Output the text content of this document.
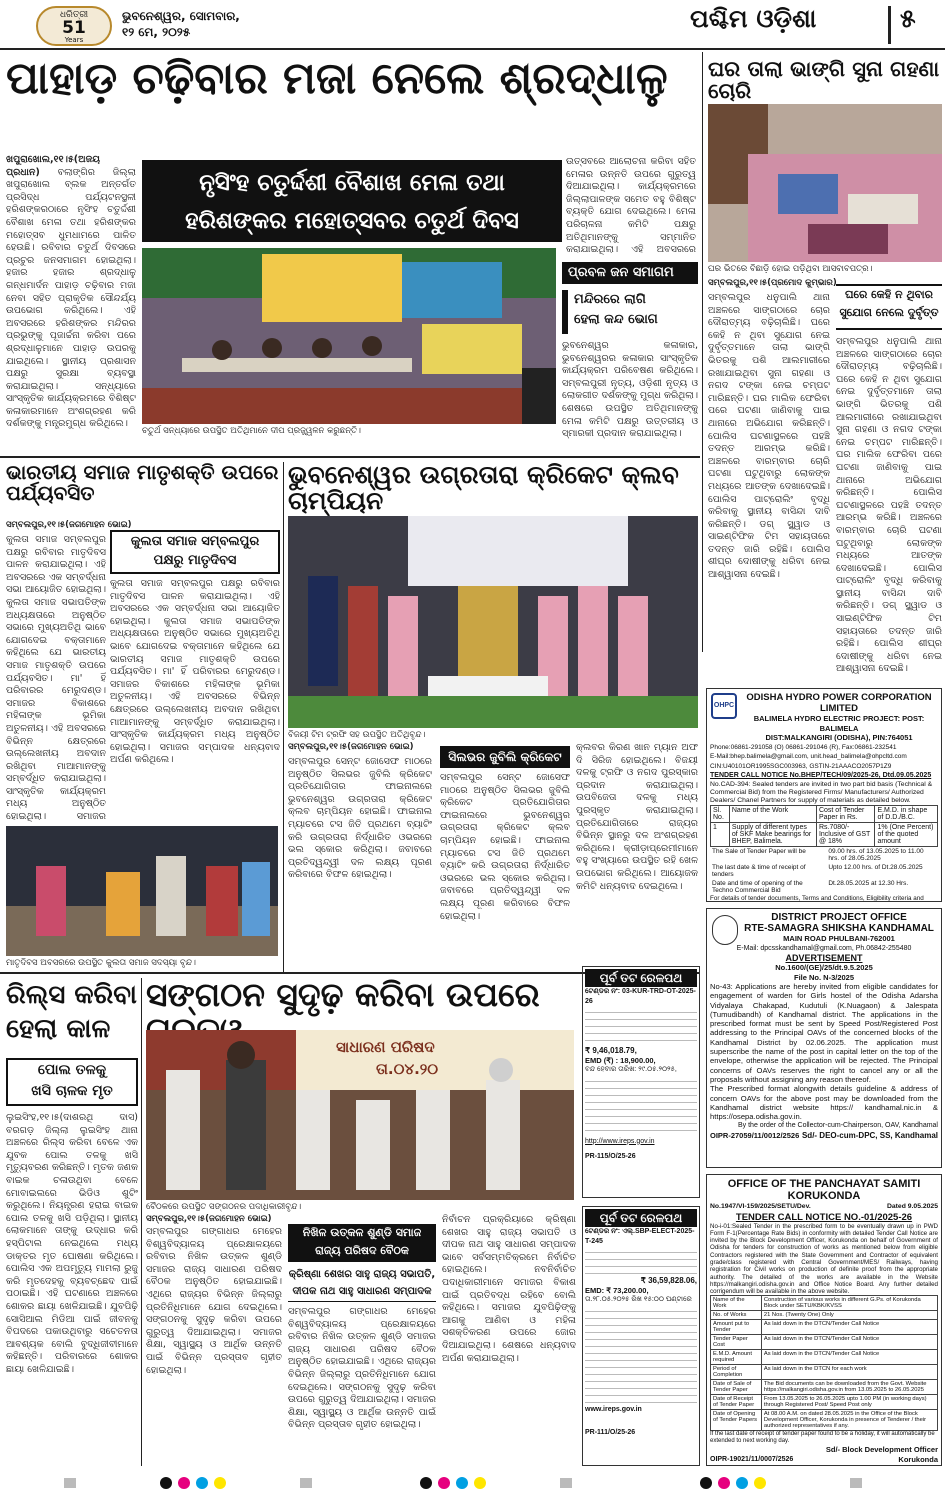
ଧରିତ୍ରୀ
51
Years
ଭୁବନେଶ୍ୱର, ସୋମବାର,
୧୨ ମେ, ୨୦୨୫	ପଶ୍ଚିମ ଓଡ଼ିଶା	୫
ପାହାଡ଼ ଚଢ଼ିବାର ମଜା ନେଲେ ଶ୍ରଦ୍ଧାଳୁ
ଖପୁରାଖୋଲ,୧୧।୫(ଅଜୟ ପ୍ରଧାନ) ବଲାଙ୍ଗିର ଜିଲ୍ଲା ଖପୁରାଖୋଲ ବ୍ଲକ ଅନ୍ତର୍ଗତ ପ୍ରସିଦ୍ଧ ପର୍ଯ୍ୟଟନସ୍ଥଳୀ ହରିଶଙ୍କରଠାରେ ନୃସିଂହ ଚତୁର୍ଦ୍ଦଶୀ ବୈଶାଖ ମେଳା ତଥା ହରିଶଙ୍କର ମହୋତ୍ସବ ଧୁମଧାମରେ ପାଳିତ ହେଉଛି। ରବିବାର ଚତୁର୍ଥ ଦିବସରେ ପ୍ରଚୁର ଜନସମାଗମ ହୋଇଥିଲା। ହଜାର ହଜାର ଶ୍ରଦ୍ଧାଳୁ ଗନ୍ଧମାର୍ଦନ ପାହାଡ଼ ଚଢ଼ିବାର ମଜା ନେବା ସହିତ ପ୍ରାକୃତିକ ସୌନ୍ଦର୍ଯ୍ୟ ଉପଭୋଗ କରିଥିଲେ। ଏହି ଅବସରରେ ହରିଶଙ୍କର ମନ୍ଦିରର ପ୍ରଭୁଙ୍କୁ ପୂଜାର୍ଚ୍ଚନା କରିବା ପରେ ଶ୍ରଦ୍ଧାଳୁମାନେ ପାହାଡ଼ ଉପରକୁ ଯାଇଥିଲେ। ସ୍ଥାନୀୟ ପ୍ରଶାସନ ପକ୍ଷରୁ ସୁରକ୍ଷା ବ୍ୟବସ୍ଥା କରାଯାଇଥିଲା। ସନ୍ଧ୍ୟାରେ ସାଂସ୍କୃତିକ କାର୍ଯ୍ୟକ୍ରମରେ ବିଶିଷ୍ଟ କଳାକାରମାନେ ଅଂଶଗ୍ରହଣ କରି ଦର୍ଶକଙ୍କୁ ମନ୍ତ୍ରମୁଗ୍ଧ କରିଥିଲେ।
ନୃସିଂହ ଚତୁର୍ଦ୍ଦଶୀ ବୈଶାଖ ମେଳା ତଥା
ହରିଶଙ୍କର ମହୋତ୍ସବର ଚତୁର୍ଥ ଦିବସ
ଉତ୍ସବରେ ଆଲୋଚନା କରିବା ସହିତ ମେଳାର ଉନ୍ନତି ଉପରେ ଗୁରୁତ୍ୱ ଦିଆଯାଇଥିଲା। କାର୍ଯ୍ୟକ୍ରମରେ ଜିଲ୍ଲାପାଳଙ୍କ ସମେତ ବହୁ ବିଶିଷ୍ଟ ବ୍ୟକ୍ତି ଯୋଗ ଦେଇଥିଲେ। ମେଳା ପରିଚାଳନା କମିଟି ପକ୍ଷରୁ ଅତିଥିମାନଙ୍କୁ ସମ୍ମାନିତ କରାଯାଇଥିଲା। ଏହି ଅବସରରେ
ଚତୁର୍ଥ ସନ୍ଧ୍ୟାରେ ଉପସ୍ଥିତ ଅତିଥିମାନେ ଦୀପ ପ୍ରଜ୍ଜ୍ୱଳନ କରୁଛନ୍ତି।
ପ୍ରବଳ ଜନ ସମାଗମ
ମନ୍ଦିରରେ ଲାଗି
ହେଲା କନ୍ଦ ଭୋଗ
ଭୁବନେଶ୍ୱର କଳାକାର, ଭୁବନେଶ୍ୱରର କଳାକାର ସାଂସ୍କୃତିକ କାର୍ଯ୍ୟକ୍ରମ ପରିବେଷଣ କରିଥିଲେ। ସମ୍ବଲପୁରୀ ନୃତ୍ୟ, ଓଡ଼ିଶୀ ନୃତ୍ୟ ଓ ଲୋକଗୀତ ଦର୍ଶକଙ୍କୁ ମୁଗ୍ଧ କରିଥିଲା। ଶେଷରେ ଉପସ୍ଥିତ ଅତିଥିମାନଙ୍କୁ ମେଳା କମିଟି ପକ୍ଷରୁ ଉତ୍ତରୀୟ ଓ ସ୍ମାରକୀ ପ୍ରଦାନ କରାଯାଇଥିଲା।
ଘର ତାଲା ଭାଙ୍ଗି ସୁନା ଗହଣା ଚୋରି
ଘର ଭିତରେ ବିଛାଡ଼ି ହୋଇ ପଡ଼ିଥିବା ଆସବାବପତ୍ର।
ସମ୍ବଲପୁର,୧୧।୫(ପ୍ରମୋଦ କୁମ୍ଭାର)
ଘରେ କେହି ନ ଥିବାର
ସୁଯୋଗ ନେଲେ ଦୁର୍ବୃତ୍ତ
ସମ୍ବଲପୁର ଧନୁପାଲି ଥାନା ଅଞ୍ଚଳରେ ସାଙ୍ଗଠାରେ ଚୋର ଦୌରାତ୍ମ୍ୟ ବଢ଼ିଚାଲିଛି। ଘରେ କେହି ନ ଥିବା ସୁଯୋଗ ନେଇ ଦୁର୍ବୃତ୍ତମାନେ ତାଲା ଭାଙ୍ଗି ଭିତରକୁ ପଶି ଆଲମାରୀରେ ରଖାଯାଇଥିବା ସୁନା ଗହଣା ଓ ନଗଦ ଟଙ୍କା ନେଇ ଚମ୍ପଟ ମାରିଛନ୍ତି। ଘର ମାଲିକ ଫେରିବା ପରେ ଘଟଣା ଜାଣିବାକୁ ପାଇ ଥାନାରେ ଅଭିଯୋଗ କରିଛନ୍ତି। ପୋଲିସ ଘଟଣାସ୍ଥଳରେ ପହଞ୍ଚି ତଦନ୍ତ ଆରମ୍ଭ କରିଛି। ଅଞ୍ଚଳରେ ବାରମ୍ବାର ଚୋରି ଘଟଣା ଘଟୁଥିବାରୁ ଲୋକଙ୍କ ମଧ୍ୟରେ ଆତଙ୍କ ଦେଖାଦେଇଛି। ପୋଲିସ ପାଟ୍ରୋଲିଂ ବୃଦ୍ଧି କରିବାକୁ ସ୍ଥାନୀୟ ବାସିନ୍ଦା ଦାବି କରିଛନ୍ତି। ଡଗ୍ ସ୍କ୍ୱାଡ ଓ ସାଇଣ୍ଟିଫିକ ଟିମ ସହାୟତାରେ ତଦନ୍ତ ଜାରି ରହିଛି। ପୋଲିସ ଶୀଘ୍ର ଦୋଷୀଙ୍କୁ ଧରିବା ନେଇ ଆଶ୍ୱାସନା ଦେଇଛି।
ସମ୍ବଲପୁର ଧନୁପାଲି ଥାନା ଅଞ୍ଚଳରେ ସାଙ୍ଗଠାରେ ଚୋର ଦୌରାତ୍ମ୍ୟ ବଢ଼ିଚାଲିଛି। ଘରେ କେହି ନ ଥିବା ସୁଯୋଗ ନେଇ ଦୁର୍ବୃତ୍ତମାନେ ତାଲା ଭାଙ୍ଗି ଭିତରକୁ ପଶି ଆଲମାରୀରେ ରଖାଯାଇଥିବା ସୁନା ଗହଣା ଓ ନଗଦ ଟଙ୍କା ନେଇ ଚମ୍ପଟ ମାରିଛନ୍ତି। ଘର ମାଲିକ ଫେରିବା ପରେ ଘଟଣା ଜାଣିବାକୁ ପାଇ ଥାନାରେ ଅଭିଯୋଗ କରିଛନ୍ତି। ପୋଲିସ ଘଟଣାସ୍ଥଳରେ ପହଞ୍ଚି ତଦନ୍ତ ଆରମ୍ଭ କରିଛି। ଅଞ୍ଚଳରେ ବାରମ୍ବାର ଚୋରି ଘଟଣା ଘଟୁଥିବାରୁ ଲୋକଙ୍କ ମଧ୍ୟରେ ଆତଙ୍କ ଦେଖାଦେଇଛି। ପୋଲିସ ପାଟ୍ରୋଲିଂ ବୃଦ୍ଧି କରିବାକୁ ସ୍ଥାନୀୟ ବାସିନ୍ଦା ଦାବି କରିଛନ୍ତି। ଡଗ୍ ସ୍କ୍ୱାଡ ଓ ସାଇଣ୍ଟିଫିକ ଟିମ ସହାୟତାରେ ତଦନ୍ତ ଜାରି ରହିଛି। ପୋଲିସ ଶୀଘ୍ର ଦୋଷୀଙ୍କୁ ଧରିବା ନେଇ ଆଶ୍ୱାସନା ଦେଇଛି।
ଭାରତୀୟ ସମାଜ ମାତୃଶକ୍ତି ଉପରେ ପର୍ଯ୍ୟବସିତ
ସମ୍ବଲପୁର,୧୧।୫(ଜଗମୋହନ ଭୋଇ)
କୁଲତା ସମାଜ ସମ୍ବଲପୁର
ପକ୍ଷରୁ ମାତୃଦିବସ
କୁଲତା ସମାଜ ସମ୍ବଲପୁର ପକ୍ଷରୁ ରବିବାର ମାତୃଦିବସ ପାଳନ କରାଯାଇଥିଲା। ଏହି ଅବସରରେ ଏକ ସମ୍ବର୍ଦ୍ଧନା ସଭା ଆୟୋଜିତ ହୋଇଥିଲା। କୁଲତା ସମାଜ ସଭାପତିଙ୍କ ଅଧ୍ୟକ୍ଷତାରେ ଅନୁଷ୍ଠିତ ସଭାରେ ମୁଖ୍ୟଅତିଥି ଭାବେ ଯୋଗଦେଇ ବକ୍ତାମାନେ କହିଥିଲେ ଯେ ଭାରତୀୟ ସମାଜ ମାତୃଶକ୍ତି ଉପରେ ପର୍ଯ୍ୟବସିତ। ମା' ହିଁ ପରିବାରର ମେରୁଦଣ୍ଡ। ସମାଜର ବିକାଶରେ ମହିଳାଙ୍କ ଭୂମିକା ଅତୁଳନୀୟ। ଏହି ଅବସରରେ ବିଭିନ୍ନ କ୍ଷେତ୍ରରେ ଉଲ୍ଲେଖନୀୟ ଅବଦାନ ରଖିଥିବା ମାଆମାନଙ୍କୁ ସମ୍ବର୍ଦ୍ଧିତ କରାଯାଇଥିଲା। ସାଂସ୍କୃତିକ କାର୍ଯ୍ୟକ୍ରମ ମଧ୍ୟ ଅନୁଷ୍ଠିତ ହୋଇଥିଲା। ସମାଜର
କୁଲତା ସମାଜ ସମ୍ବଲପୁର ପକ୍ଷରୁ ରବିବାର ମାତୃଦିବସ ପାଳନ କରାଯାଇଥିଲା। ଏହି ଅବସରରେ ଏକ ସମ୍ବର୍ଦ୍ଧନା ସଭା ଆୟୋଜିତ ହୋଇଥିଲା। କୁଲତା ସମାଜ ସଭାପତିଙ୍କ ଅଧ୍ୟକ୍ଷତାରେ ଅନୁଷ୍ଠିତ ସଭାରେ ମୁଖ୍ୟଅତିଥି ଭାବେ ଯୋଗଦେଇ ବକ୍ତାମାନେ କହିଥିଲେ ଯେ ଭାରତୀୟ ସମାଜ ମାତୃଶକ୍ତି ଉପରେ ପର୍ଯ୍ୟବସିତ। ମା' ହିଁ ପରିବାରର ମେରୁଦଣ୍ଡ। ସମାଜର ବିକାଶରେ ମହିଳାଙ୍କ ଭୂମିକା ଅତୁଳନୀୟ। ଏହି ଅବସରରେ ବିଭିନ୍ନ କ୍ଷେତ୍ରରେ ଉଲ୍ଲେଖନୀୟ ଅବଦାନ ରଖିଥିବା ମାଆମାନଙ୍କୁ ସମ୍ବର୍ଦ୍ଧିତ କରାଯାଇଥିଲା। ସାଂସ୍କୃତିକ କାର୍ଯ୍ୟକ୍ରମ ମଧ୍ୟ ଅନୁଷ୍ଠିତ ହୋଇଥିଲା। ସମାଜର ସମ୍ପାଦକ ଧନ୍ୟବାଦ ଅର୍ପଣ କରିଥିଲେ।
ମାତୃଦିବସ ଅବସରରେ ଉପସ୍ଥିତ କୁଲତା ସମାଜ ସଦସ୍ୟା ବୃନ୍ଦ।
ଭୁବନେଶ୍ୱର ଉଗ୍ରତାରା କ୍ରିକେଟ କ୍ଲବ ଚାମ୍ପିୟନ
ବିଜୟୀ ଟିମ ଟ୍ରଫି ସହ ଉପସ୍ଥିତ ଅତିଥିବୃନ୍ଦ।
ସମ୍ବଲପୁର,୧୧।୫(ଜଗମୋହନ ଭୋଇ)
ସିଲଭର ଜୁବିଲି କ୍ରିକେଟ
ସମ୍ବଲପୁର ସେନ୍ଟ ଜୋସେଫ ମାଠରେ ଅନୁଷ୍ଠିତ ସିଲଭର ଜୁବିଲି କ୍ରିକେଟ ପ୍ରତିଯୋଗିତାର ଫାଇନାଲରେ ଭୁବନେଶ୍ୱର ଉଗ୍ରତାରା କ୍ରିକେଟ କ୍ଲବ ଚାମ୍ପିୟନ ହୋଇଛି। ଫାଇନାଲ ମ୍ୟାଚରେ ଟସ ଜିତି ପ୍ରଥମେ ବ୍ୟାଟିଂ କରି ଉଗ୍ରତାରା ନିର୍ଦ୍ଧାରିତ ଓଭରରେ ଭଲ ସ୍କୋର କରିଥିଲା। ଜବାବରେ ପ୍ରତିଦ୍ୱନ୍ଦ୍ୱୀ ଦଳ ଲକ୍ଷ୍ୟ ପୂରଣ କରିବାରେ ବିଫଳ ହୋଇଥିଲା।
ସମ୍ବଲପୁର ସେନ୍ଟ ଜୋସେଫ ମାଠରେ ଅନୁଷ୍ଠିତ ସିଲଭର ଜୁବିଲି କ୍ରିକେଟ ପ୍ରତିଯୋଗିତାର ଫାଇନାଲରେ ଭୁବନେଶ୍ୱର ଉଗ୍ରତାରା କ୍ରିକେଟ କ୍ଲବ ଚାମ୍ପିୟନ ହୋଇଛି। ଫାଇନାଲ ମ୍ୟାଚରେ ଟସ ଜିତି ପ୍ରଥମେ ବ୍ୟାଟିଂ କରି ଉଗ୍ରତାରା ନିର୍ଦ୍ଧାରିତ ଓଭରରେ ଭଲ ସ୍କୋର କରିଥିଲା। ଜବାବରେ ପ୍ରତିଦ୍ୱନ୍ଦ୍ୱୀ ଦଳ ଲକ୍ଷ୍ୟ ପୂରଣ କରିବାରେ ବିଫଳ ହୋଇଥିଲା।
କ୍ଲବର କିରଣ ଖାନ ମ୍ୟାନ ଅଫ ଦି ସିରିଜ ହୋଇଥିଲେ। ବିଜୟୀ ଦଳକୁ ଟ୍ରଫି ଓ ନଗଦ ପୁରସ୍କାର ପ୍ରଦାନ କରାଯାଇଥିଲା। ଉପବିଜେତା ଦଳକୁ ମଧ୍ୟ ପୁରସ୍କୃତ କରାଯାଇଥିଲା। ପ୍ରତିଯୋଗିତାରେ ରାଜ୍ୟର ବିଭିନ୍ନ ସ୍ଥାନରୁ ଦଳ ଅଂଶଗ୍ରହଣ କରିଥିଲେ। କ୍ରୀଡ଼ାପ୍ରେମୀମାନେ ବହୁ ସଂଖ୍ୟାରେ ଉପସ୍ଥିତ ରହି ଖେଳ ଉପଭୋଗ କରିଥିଲେ। ଆୟୋଜକ କମିଟି ଧନ୍ୟବାଦ ଦେଇଥିଲେ।
ODISHA HYDRO POWER CORPORATION LIMITED
OHPC
BALIMELA HYDRO ELECTRIC PROJECT: POST: BALIMELA
DIST:MALKANGIRI (ODISHA), PIN:764051
Phone:06861-291058 (O) 06861-291046 (R), Fax:06861-232541
E-Mail:bhep.balimela@gmail.com, unit.head_balimela@ohpcltd.com
CIN:U40101OR1995SGC003963, GSTIN-21AAACO2057P1Z9
TENDER CALL NOTICE No.BHEP/TECH/09/2025-26, Dtd.09.05.2025
No.CAD-394: Sealed tenders are invited in two part bid basis (Technical & Commercial Bid) from the Registered Firms/ Manufacturers/ Authorized Dealers/ Chanel Partners for supply of materials as detailed below.
Sl. No.	Name of the Work	Cost of Tender Paper in Rs.	E.M.D. in shape of D.D./B.C.
1	Supply of different types of SKF Make bearings for BHEP, Balimela.	Rs.7080/- Inclusive of GST @ 18%	1% (One Percent) of the quoted amount
The Sale of Tender Paper will be	09.00 hrs. of 13.05.2025 to 11.00 hrs. of 28.05.2025
The last date & time of receipt of tenders	Upto 12.00 hrs. of Dt.28.05.2025
Date and time of opening of the Techno Commercial Bid	Dt.28.05.2025 at 12.30 Hrs.
For details of tender documents, Terms and Conditions, Eligibility criteria and
DISTRICT PROJECT OFFICE
RTE-SAMAGRA SHIKSHA KANDHAMAL
MAIN ROAD PHULBANI-762001
E-Mail: dpcsskandhamal@gmail.com, Ph.06842-255480
ADVERTISEMENT
No.1600/(GE)/25/dt.9.5.2025
File No. N-3/2025
No-43: Applications are hereby invited from eligible candidates for engagement of warden for Girls hostel of the Odisha Adarsha Vidyalaya Chakapad, Kudutuli (K.Nuagaon) & Jalespata (Tumudibandh) of Kandhamal district. The applications in the prescribed format must be sent by Speed Post/Registered Post addressing to the Principal OAVs of the concerned blocks of the Kandhamal District by 02.06.2025. The application must superscribe the name of the post in capital letter on the top of the envelope, otherwise the application will be rejected. The Principal concerns of OAVs reserves the right to cancel any or all the proposals without assigning any reason thereof.
The Prescribed format alongwith details guideline & address of concern OAVs for the above post may be downloaded from the Kandhamal district website https:// kandhamal.nic.in & https://osepa.odisha.gov.in.
By the order of the Collector-cum-Chairperson, OAV, Kandhamal
Sd/- DEO-cum-DPC, SS, Kandhamal
OIPR-27059/11/0012/2526
ରିଲ୍ସ କରିବା
ହେଲା କାଳ
ପୋଲ ତଳକୁ
ଖସି ଚାଳକ ମୃତ
ଲୁଇସିଂହ,୧୧।୫(ଦାଶରଥି ଦାସ) ବରଗଡ଼ ଜିଲ୍ଲା ଲୁଇସିଂହ ଥାନା ଅଞ୍ଚଳରେ ରିଲ୍ସ କରିବା ବେଳେ ଏକ ଯୁବକ ପୋଲ ତଳକୁ ଖସି ମୃତ୍ୟୁବରଣ କରିଛନ୍ତି। ମୃତକ ଜଣକ ବାଇକ ଚଳାଉଥିବା ବେଳେ ମୋବାଇଲରେ ଭିଡିଓ ଶୁଟିଂ କରୁଥିଲେ। ନିୟନ୍ତ୍ରଣ ହରାଇ ବାଇକ ପୋଲ ତଳକୁ ଖସି ପଡ଼ିଥିଲା। ସ୍ଥାନୀୟ ଲୋକମାନେ ତାଙ୍କୁ ଉଦ୍ଧାର କରି ହସ୍ପିଟାଲ ନେଇଥିଲେ ମଧ୍ୟ ଡାକ୍ତର ମୃତ ଘୋଷଣା କରିଥିଲେ। ପୋଲିସ ଏକ ଅପମୃତ୍ୟୁ ମାମଲା ରୁଜୁ କରି ମୃତଦେହକୁ ବ୍ୟବଚ୍ଛେଦ ପାଇଁ ପଠାଇଛି। ଏହି ଘଟଣାରେ ଅଞ୍ଚଳରେ ଶୋକର ଛାୟା ଖେଳିଯାଇଛି। ଯୁବପିଢ଼ି ସୋସିଆଲ ମିଡିଆ ପାଇଁ ଜୀବନକୁ ବିପଦରେ ପକାଉଥିବାରୁ ସଚେତନତା ଆବଶ୍ୟକ ବୋଲି ବୁଦ୍ଧିଜୀବୀମାନେ କହିଛନ୍ତି। ପରିବାରରେ ଶୋକର ଛାୟା ଖେଳିଯାଇଛି।
ସଙ୍ଗଠନ ସୁଦୃଢ଼ କରିବା ଉପରେ
ସାଧାରଣ ପରିଷଦ
ତା.୦୪.୨୦
ବୈଠକରେ ଉପସ୍ଥିତ ସଙ୍ଗଠନର ପଦାଧିକାରୀବୃନ୍ଦ।
ସମ୍ବଲପୁର,୧୧।୫(ଜଗମୋହନ ଭୋଇ)
ନିଖିଳ ଉତ୍କଳ ଶୁଣ୍ଡି ସମାଜ
ରାଜ୍ୟ ପରିଷଦ ବୈଠକ
କ୍ରିଷ୍ଣା ଶେଖର ସାହୁ ରାଜ୍ୟ ସଭାପତି,
ଦୀପକ ନାଥ ସାହୁ ସାଧାରଣ ସମ୍ପାଦକ
ସମ୍ବଲପୁର ଗଙ୍ଗାଧର ମେହେର ବିଶ୍ୱବିଦ୍ୟାଳୟ ପ୍ରେକ୍ଷାଳୟରେ ରବିବାର ନିଖିଳ ଉତ୍କଳ ଶୁଣ୍ଡି ସମାଜର ରାଜ୍ୟ ସାଧାରଣ ପରିଷଦ ବୈଠକ ଅନୁଷ୍ଠିତ ହୋଇଯାଇଛି। ଏଥିରେ ରାଜ୍ୟର ବିଭିନ୍ନ ଜିଲ୍ଲାରୁ ପ୍ରତିନିଧିମାନେ ଯୋଗ ଦେଇଥିଲେ। ସଙ୍ଗଠନକୁ ସୁଦୃଢ଼ କରିବା ଉପରେ ଗୁରୁତ୍ୱ ଦିଆଯାଇଥିଲା। ସମାଜର ଶିକ୍ଷା, ସ୍ୱାସ୍ଥ୍ୟ ଓ ଆର୍ଥିକ ଉନ୍ନତି ପାଇଁ ବିଭିନ୍ନ ପ୍ରସ୍ତାବ ଗୃହୀତ ହୋଇଥିଲା।
ସମ୍ବଲପୁର ଗଙ୍ଗାଧର ମେହେର ବିଶ୍ୱବିଦ୍ୟାଳୟ ପ୍ରେକ୍ଷାଳୟରେ ରବିବାର ନିଖିଳ ଉତ୍କଳ ଶୁଣ୍ଡି ସମାଜର ରାଜ୍ୟ ସାଧାରଣ ପରିଷଦ ବୈଠକ ଅନୁଷ୍ଠିତ ହୋଇଯାଇଛି। ଏଥିରେ ରାଜ୍ୟର ବିଭିନ୍ନ ଜିଲ୍ଲାରୁ ପ୍ରତିନିଧିମାନେ ଯୋଗ ଦେଇଥିଲେ। ସଙ୍ଗଠନକୁ ସୁଦୃଢ଼ କରିବା ଉପରେ ଗୁରୁତ୍ୱ ଦିଆଯାଇଥିଲା। ସମାଜର ଶିକ୍ଷା, ସ୍ୱାସ୍ଥ୍ୟ ଓ ଆର୍ଥିକ ଉନ୍ନତି ପାଇଁ ବିଭିନ୍ନ ପ୍ରସ୍ତାବ ଗୃହୀତ ହୋଇଥିଲା।
ନିର୍ବାଚନ ପ୍ରକ୍ରିୟାରେ କ୍ରିଷ୍ଣା ଶେଖର ସାହୁ ରାଜ୍ୟ ସଭାପତି ଓ ଦୀପକ ନାଥ ସାହୁ ସାଧାରଣ ସମ୍ପାଦକ ଭାବେ ସର୍ବସମ୍ମତିକ୍ରମେ ନିର୍ବାଚିତ ହୋଇଥିଲେ। ନବନିର୍ବାଚିତ ପଦାଧିକାରୀମାନେ ସମାଜର ବିକାଶ ପାଇଁ ପ୍ରତିବଦ୍ଧ ରହିବେ ବୋଲି କହିଥିଲେ। ସମାଜର ଯୁବପିଢ଼ିଙ୍କୁ ଆଗକୁ ଆଣିବା ଓ ମହିଳା ସଶକ୍ତିକରଣ ଉପରେ ଜୋର ଦିଆଯାଇଥିଲା। ଶେଷରେ ଧନ୍ୟବାଦ ଅର୍ପଣ କରାଯାଇଥିଲା।
ପୂର୍ବ ତଟ ରେଳପଥ
ଟେଣ୍ଡର ନଂ: 03-KUR-TRD-OT-2025-26
₹ 9,46,018.79,
EMD (₹) : 18,900.00,
ବନ୍ଦ ହେବାର ତାରିଖ: ୨୯.୦୫.୨୦୨୫,
http://www.ireps.gov.in
PR-115/O/25-26
ପୂର୍ବ ତଟ ରେଳପଥ
ଟେଣ୍ଡର ନଂ: ଏଲ୍.SBP-ELECT-2025-T-245
₹ 36,59,828.06,
EMD: ₹ 73,200.00,
ତା.୨୮.୦୫.୨୦୨୫ ରିଖ ୧୫:୦୦ ଘଣ୍ଟାରେ
www.ireps.gov.in
PR-111/O/25-26
OFFICE OF THE PANCHAYAT SAMITI
KORUKONDA
No.1947/VI-159/2025/SETU/Dev.	Dated 9.05.2025
TENDER CALL NOTICE NO.-01/2025-26
No-i-01:Sealed Tender in the prescribed form to be eventually drawn up in PWD Form F-1(Percentage Rate Bids) in conformity with detailed Tender Call Notice are invited by the Block Development Officer, Korukonda on behalf of Government of Odisha for tenders for construction of works as mentioned below from eligible Contractors registered with the State Government and Contractor of equivalent grade/class registered with Central Government/MES/ Railways, having registration for Civil works on production of definite proof from the appropriate authority. The detailed of the works are available in the Website https://malkangiri.odisha.gov.in and Office Notice Board. Any further detailed corrigendum will be available in the above website.
Name of the Work	Construction of various works in different G.Ps. of Korukonda Block under SETU/KBK/KVSS
No. of Works	21 Nos. (Twenty One) Only
Amount put to Tender	As laid down in the DTCN/Tender Call Notice
Tender Paper Cost	As laid down in the DTCN/Tender Call Notice
E.M.D. Amount required	As laid down in the DTCN/Tender Call Notice
Period of Completion	As laid down in the DTCN for each work
Date of Sale of Tender Paper	The Bid documents can be downloaded from the Govt. Website https://malkangiri.odisha.gov.in from 13.05.2025 to 26.05.2025
Date of Receipt of Tender Paper	From 13.05.2025 to 26.05.2025 upto 1.00 PM (in working days) through Registered Post/ Speed Post only
Date of Opening of Tender Papers	At 08.00 A.M. on dated 28.05.2025 in the Office of the Block Development Officer, Korukonda in presence of Tenderer / their authorized representatives if any.
If the last date of receipt of tender paper found to be a holiday, it will automatically be extended to next working day.
Sd/- Block Development Officer
Korukonda
OIPR-19021/11/0007/2526
